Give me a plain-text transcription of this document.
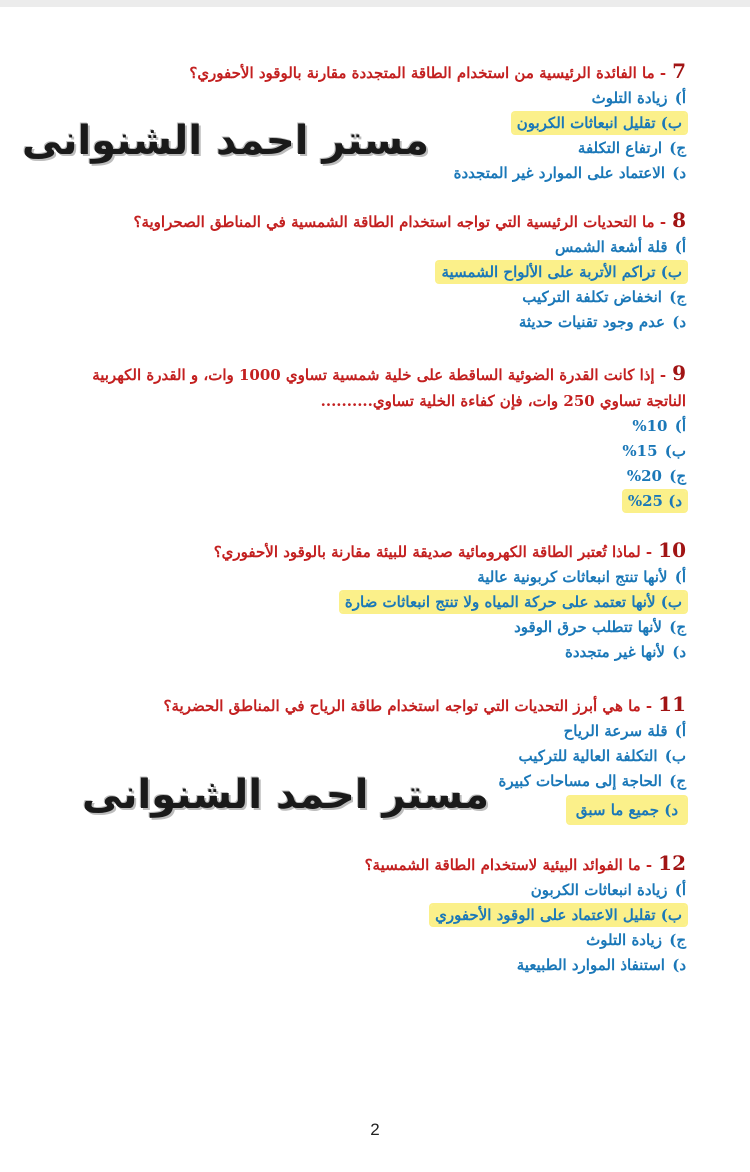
7- ما الفائدة الرئيسية من استخدام الطاقة المتجددة مقارنة بالوقود الأحفوري؟
أ) زيادة التلوث
ب) تقليل انبعاثات الكربون
ج) ارتفاع التكلفة
د) الاعتماد على الموارد غير المتجددة
8- ما التحديات الرئيسية التي تواجه استخدام الطاقة الشمسية في المناطق الصحراوية؟
أ) قلة أشعة الشمس
ب) تراكم الأتربة على الألواح الشمسية
ج) انخفاض تكلفة التركيب
د) عدم وجود تقنيات حديثة
9- إذا كانت القدرة الضوئية الساقطة على خلية شمسية تساوي 1000 وات، و القدرة الكهربية
الناتجة تساوي 250 وات، فإن كفاءة الخلية تساوي..........
أ) 10%
ب) 15%
ج) 20%
د) 25%
10- لماذا تُعتبر الطاقة الكهرومائية صديقة للبيئة مقارنة بالوقود الأحفوري؟
أ) لأنها تنتج انبعاثات كربونية عالية
ب) لأنها تعتمد على حركة المياه ولا تنتج انبعاثات ضارة
ج) لأنها تتطلب حرق الوقود
د) لأنها غير متجددة
11- ما هي أبرز التحديات التي تواجه استخدام طاقة الرياح في المناطق الحضرية؟
أ) قلة سرعة الرياح
ب) التكلفة العالية للتركيب
ج) الحاجة إلى مساحات كبيرة
د) جميع ما سبق
12- ما الفوائد البيئية لاستخدام الطاقة الشمسية؟
أ) زيادة انبعاثات الكربون
ب) تقليل الاعتماد على الوقود الأحفوري
ج) زيادة التلوث
د) استنفاذ الموارد الطبيعية
مستر احمد الشنوانى
مستر احمد الشنوانى
2
